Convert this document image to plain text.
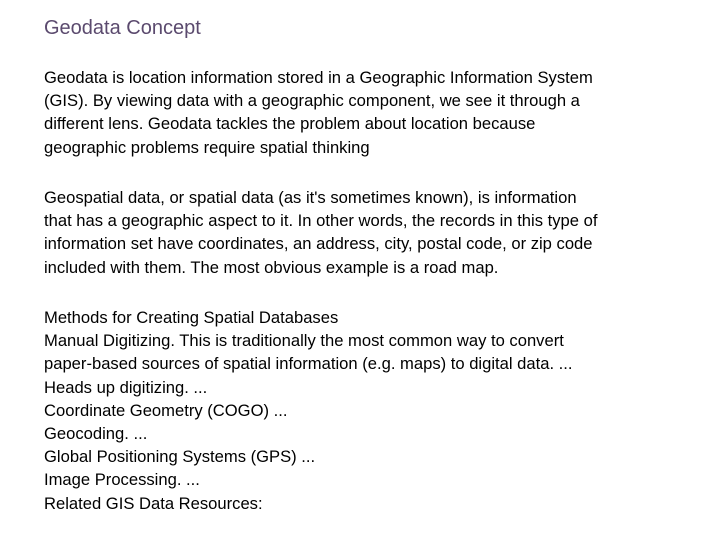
Geodata Concept
Geodata is location information stored in a Geographic Information System
(GIS). By viewing data with a geographic component, we see it through a
different lens. Geodata tackles the problem about location because
geographic problems require spatial thinking
Geospatial data, or spatial data (as it's sometimes known), is information
that has a geographic aspect to it. In other words, the records in this type of
information set have coordinates, an address, city, postal code, or zip code
included with them. The most obvious example is a road map.
Methods for Creating Spatial Databases
Manual Digitizing. This is traditionally the most common way to convert
paper-based sources of spatial information (e.g. maps) to digital data. ...
Heads up digitizing. ...
Coordinate Geometry (COGO) ...
Geocoding. ...
Global Positioning Systems (GPS) ...
Image Processing. ...
Related GIS Data Resources:
